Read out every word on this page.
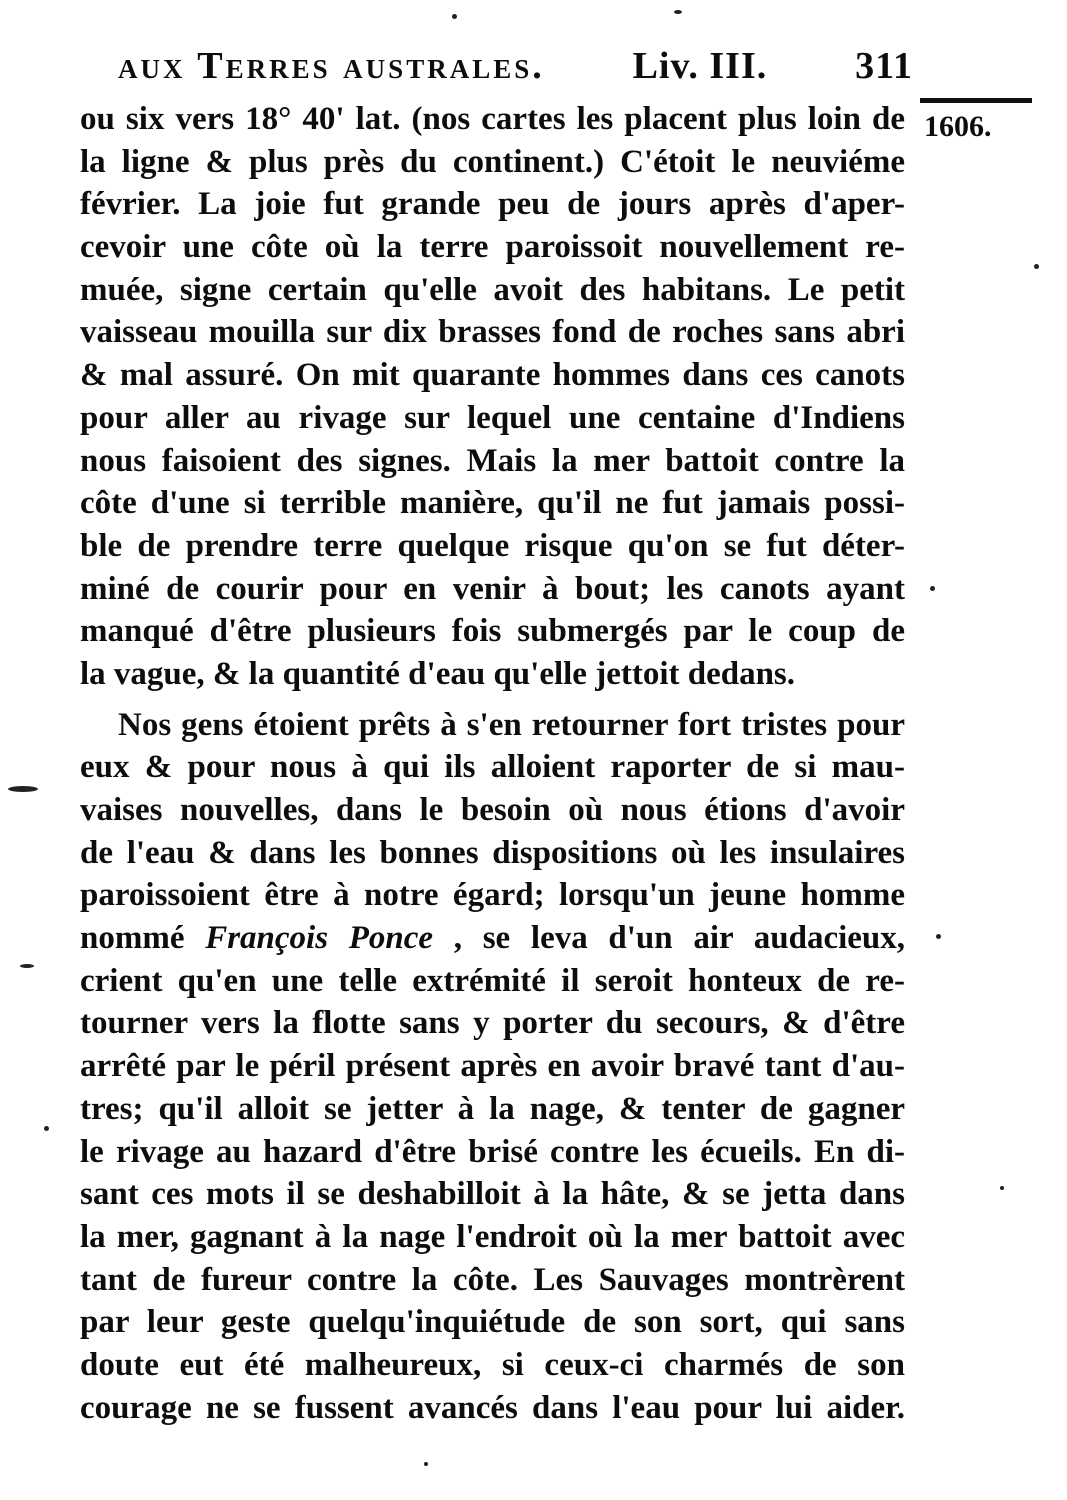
aux Terres australes. Liv. III. 311
1606.
ou six vers 18° 40' lat. (nos cartes les placent plus loin de
la ligne & plus près du continent.) C'étoit le neuviéme
février. La joie fut grande peu de jours après d'aper-
cevoir une côte où la terre paroissoit nouvellement re-
muée, signe certain qu'elle avoit des habitans. Le petit
vaisseau mouilla sur dix brasses fond de roches sans abri
& mal assuré. On mit quarante hommes dans ces canots
pour aller au rivage sur lequel une centaine d'Indiens
nous faisoient des signes. Mais la mer battoit contre la
côte d'une si terrible manière, qu'il ne fut jamais possi-
ble de prendre terre quelque risque qu'on se fut déter-
miné de courir pour en venir à bout; les canots ayant
manqué d'être plusieurs fois submergés par le coup de
la vague, & la quantité d'eau qu'elle jettoit dedans.
Nos gens étoient prêts à s'en retourner fort tristes pour
eux & pour nous à qui ils alloient raporter de si mau-
vaises nouvelles, dans le besoin où nous étions d'avoir
de l'eau & dans les bonnes dispositions où les insulaires
paroissoient être à notre égard; lorsqu'un jeune homme
nommé François Ponce , se leva d'un air audacieux,
crient qu'en une telle extrémité il seroit honteux de re-
tourner vers la flotte sans y porter du secours, & d'être
arrêté par le péril présent après en avoir bravé tant d'au-
tres; qu'il alloit se jetter à la nage, & tenter de gagner
le rivage au hazard d'être brisé contre les écueils. En di-
sant ces mots il se deshabilloit à la hâte, & se jetta dans
la mer, gagnant à la nage l'endroit où la mer battoit avec
tant de fureur contre la côte. Les Sauvages montrèrent
par leur geste quelqu'inquiétude de son sort, qui sans
doute eut été malheureux, si ceux-ci charmés de son
courage ne se fussent avancés dans l'eau pour lui aider.
